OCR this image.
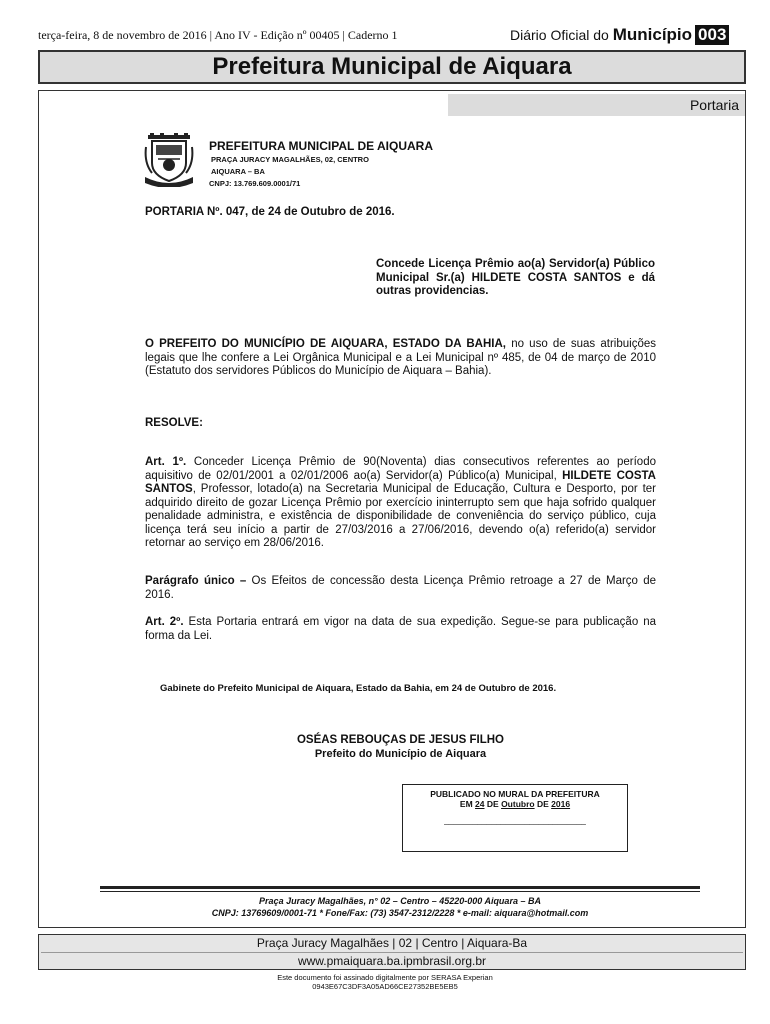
terça-feira, 8 de novembro de 2016 | Ano IV - Edição nº 00405 | Caderno 1	Diário Oficial do Município 003
Prefeitura Municipal de Aiquara
Portaria
PREFEITURA MUNICIPAL DE AIQUARA
PRAÇA JURACY MAGALHÃES, 02, CENTRO
AIQUARA – BA
CNPJ: 13.769.609.0001/71
PORTARIA Nº. 047, de 24 de Outubro de 2016.
Concede Licença Prêmio ao(a) Servidor(a) Público Municipal Sr.(a) HILDETE COSTA SANTOS e dá outras providencias.
O PREFEITO DO MUNICÍPIO DE AIQUARA, ESTADO DA BAHIA, no uso de suas atribuições legais que lhe confere a Lei Orgânica Municipal e a Lei Municipal nº 485, de 04 de março de 2010 (Estatuto dos servidores Públicos do Município de Aiquara – Bahia).
RESOLVE:
Art. 1º. Conceder Licença Prêmio de 90(Noventa) dias consecutivos referentes ao período aquisitivo de 02/01/2001 a 02/01/2006 ao(a) Servidor(a) Público(a) Municipal, HILDETE COSTA SANTOS, Professor, lotado(a) na Secretaria Municipal de Educação, Cultura e Desporto, por ter adquirido direito de gozar Licença Prêmio por exercício ininterrupto sem que haja sofrido qualquer penalidade administra, e existência de disponibilidade de conveniência do serviço público, cuja licença terá seu início a partir de 27/03/2016 a 27/06/2016, devendo o(a) referido(a) servidor retornar ao serviço em 28/06/2016.
Parágrafo único – Os Efeitos de concessão desta Licença Prêmio retroage a 27 de Março de 2016.
Art. 2º. Esta Portaria entrará em vigor na data de sua expedição. Segue-se para publicação na forma da Lei.
Gabinete do Prefeito Municipal de Aiquara, Estado da Bahia, em 24 de Outubro de 2016.
OSÉAS REBOUÇAS DE JESUS FILHO
Prefeito do Município de Aiquara
PUBLICADO NO MURAL DA PREFEITURA
EM 24 DE Outubro DE 2016
______________________________
Praça Juracy Magalhães, n° 02 – Centro – 45220-000 Aiquara – BA
CNPJ: 13769609/0001-71 * Fone/Fax: (73) 3547-2312/2228 * e-mail: aiquara@hotmail.com
Praça Juracy Magalhães | 02 | Centro | Aiquara-Ba
www.pmaiquara.ba.ipmbrasil.org.br
Este documento foi assinado digitalmente por SERASA Experian
0943E67C3DF3A05AD66CE27352BE5EB5
